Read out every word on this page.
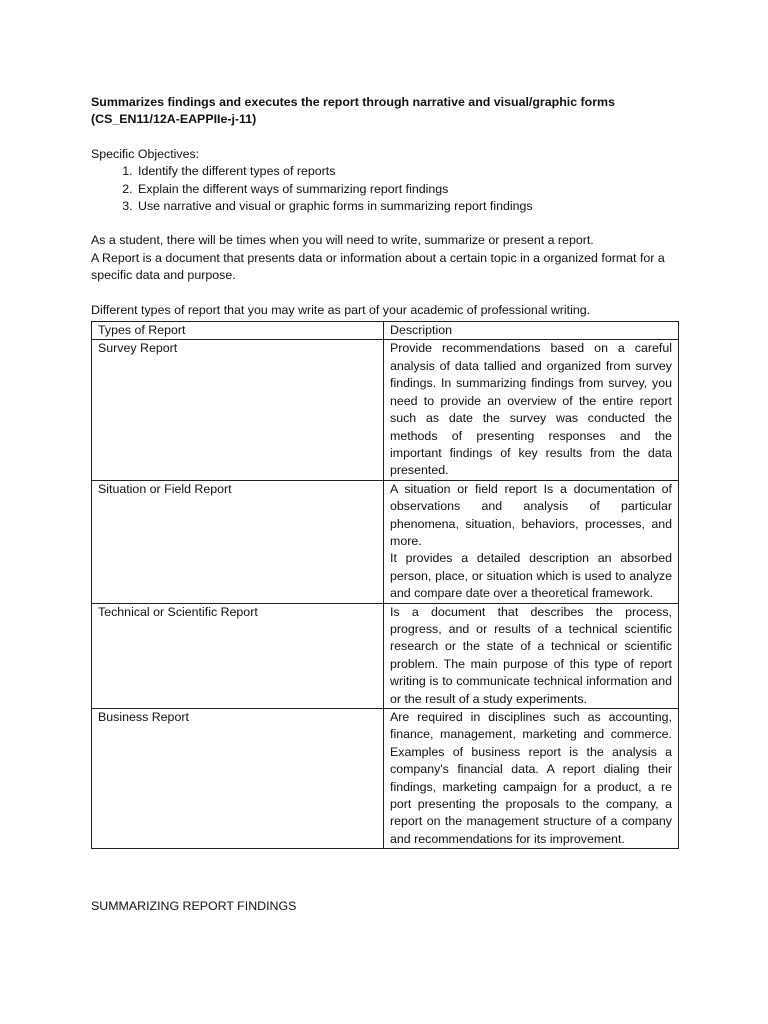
Summarizes findings and executes the report through narrative and visual/graphic forms
(CS_EN11/12A-EAPPIIe-j-11)

Specific Objectives:

1. Identify the different types of reports
2. Explain the different ways of summarizing report findings
3. Use narrative and visual or graphic forms in summarizing report findings

As a student, there will be times when you will need to write, summarize or present a report.
A Report is a document that presents data or information about a certain topic in a organized format for a specific data and purpose.

Different types of report that you may write as part of your academic of professional writing.

Types of Report	Description
Survey Report	Provide recommendations based on a careful analysis of data tallied and organized from survey findings. In summarizing findings from survey, you need to provide an overview of the entire report such as date the survey was conducted the methods of presenting responses and the important findings of key results from the data presented.

Situation or Field Report	A situation or field report Is a documentation of observations and analysis of particular phenomena, situation, behaviors, processes, and more.

It provides a detailed description an absorbed person, place, or situation which is used to analyze and compare date over a theoretical framework.

Technical or Scientific Report	Is a document that describes the process, progress, and or results of a technical scientific research or the state of a technical or scientific problem. The main purpose of this type of report writing is to communicate technical information and or the result of a study experiments.

Business Report	Are required in disciplines such as accounting, finance, management, marketing and commerce. Examples of business report is the analysis a company's financial data. A report dialing their findings, marketing campaign for a product, a re port presenting the proposals to the company, a report on the management structure of a company and recommendations for its improvement.

SUMMARIZING REPORT FINDINGS
